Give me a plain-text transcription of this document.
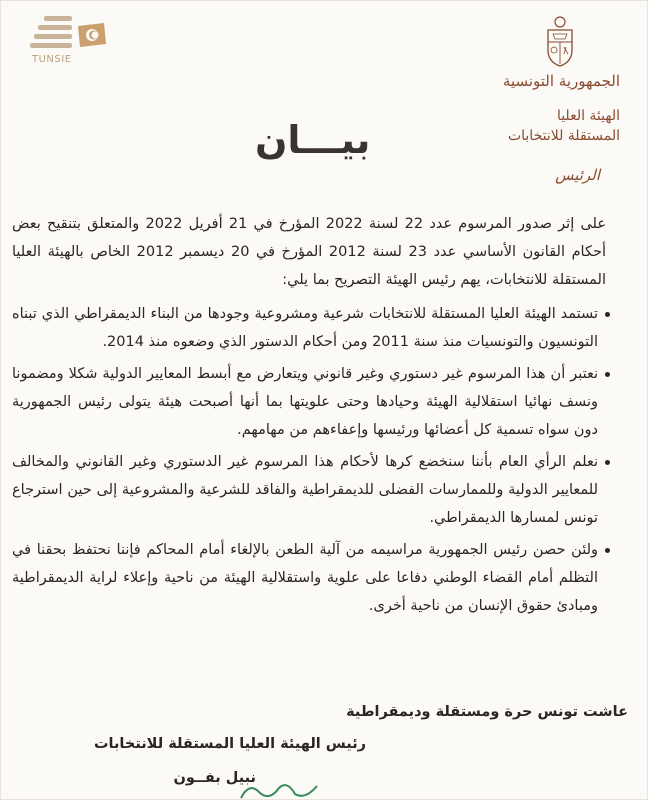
TUNSIE
الجمهورية التونسية
الهيئة العليا
المستقلة للانتخابات
الرئيس
بيـــان

على إثر صدور المرسوم عدد 22 لسنة 2022 المؤرخ في 21 أفريل 2022 والمتعلق بتنقيح بعض أحكام القانون الأساسي عدد 23 لسنة 2012 المؤرخ في 20 ديسمبر 2012 الخاص بالهيئة العليا المستقلة للانتخابات، يهم رئيس الهيئة التصريح بما يلي:

تستمد الهيئة العليا المستقلة للانتخابات شرعية ومشروعية وجودها من البناء الديمقراطي الذي تبناه التونسيون والتونسيات منذ سنة 2011 ومن أحكام الدستور الذي وضعوه منذ 2014.

نعتبر أن هذا المرسوم غير دستوري وغير قانوني ويتعارض مع أبسط المعايير الدولية شكلا ومضمونا ونسف نهائيا استقلالية الهيئة وحيادها وحتى علويتها بما أنها أصبحت هيئة يتولى رئيس الجمهورية دون سواه تسمية كل أعضائها ورئيسها وإعفاءهم من مهامهم.

نعلم الرأي العام بأننا سنخضع كرها لأحكام هذا المرسوم غير الدستوري وغير القانوني والمخالف للمعايير الدولية وللممارسات الفضلى للديمقراطية والفاقد للشرعية والمشروعية إلى حين استرجاع تونس لمسارها الديمقراطي.

ولئن حصن رئيس الجمهورية مراسيمه من آلية الطعن بالإلغاء أمام المحاكم فإننا نحتفظ بحقنا في التظلم أمام القضاء الوطني دفاعا على علوية واستقلالية الهيئة من ناحية وإعلاء لراية الديمقراطية ومبادئ حقوق الإنسان من ناحية أخرى.

عاشت تونس حرة ومستقلة وديمقراطية
رئيس الهيئة العليا المستقلة للانتخابات
نبيل بفــون
